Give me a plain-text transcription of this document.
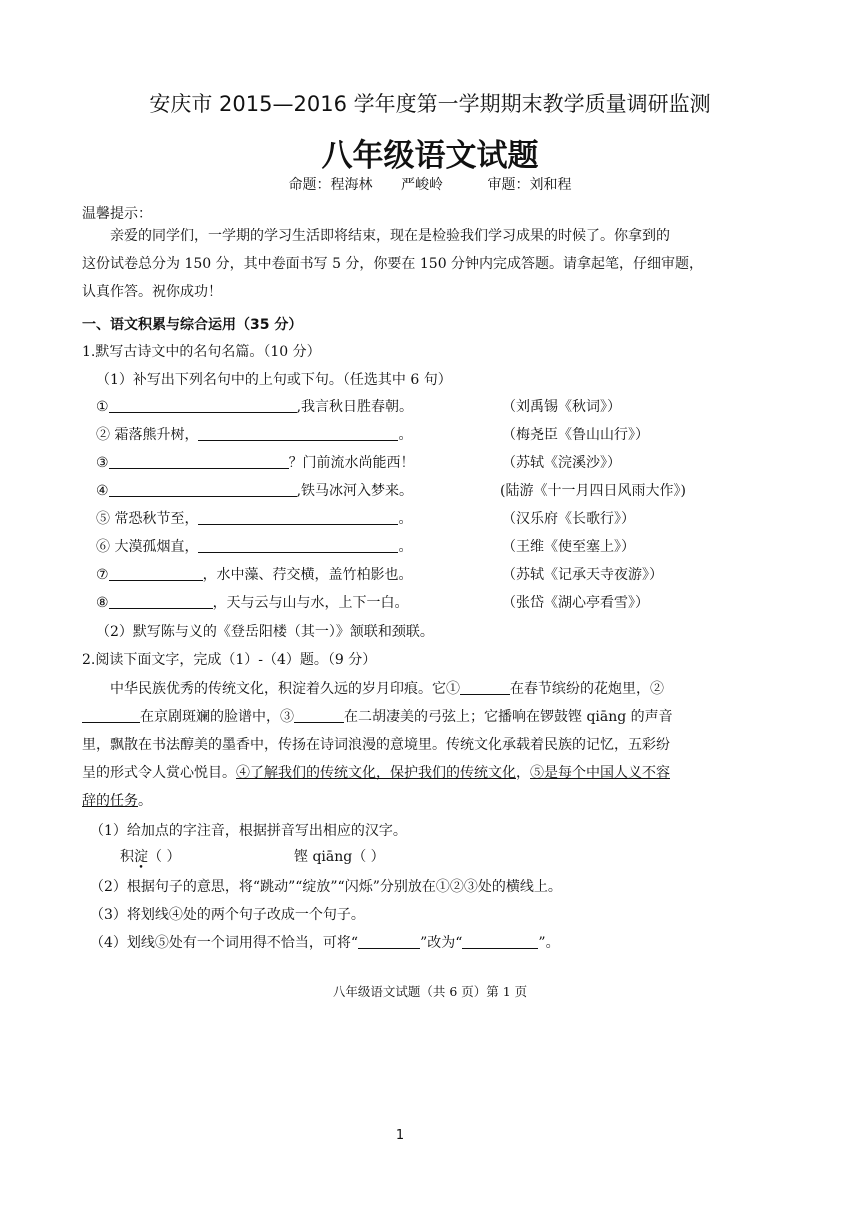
安庆市 2015—2016 学年度第一学期期末教学质量调研监测
八年级语文试题
命题：程海林 严峻岭	审题：刘和程
温馨提示：

亲爱的同学们，一学期的学习生活即将结束，现在是检验我们学习成果的时候了。你拿到的

这份试卷总分为 150 分，其中卷面书写 5 分，你要在 150 分钟内完成答题。请拿起笔，仔细审题，

认真作答。祝你成功！

一、语文积累与综合运用（35 分）
1.默写古诗文中的名句名篇。（10 分）
（1）补写出下列名句中的上句或下句。（任选其中 6 句）
①	,我言秋日胜春朝。	（刘禹锡《秋词》）
② 霜落熊升树，	。	（梅尧臣《鲁山山行》）
③	？门前流水尚能西！	（苏轼《浣溪沙》）
④	,铁马冰河入梦来。	(陆游《十一月四日风雨大作》)
⑤ 常恐秋节至，	。	（汉乐府《长歌行》）
⑥ 大漠孤烟直，	。	（王维《使至塞上》）
⑦	，水中藻、荇交横，盖竹柏影也。	（苏轼《记承天寺夜游》）
⑧	，天与云与山与水，上下一白。	（张岱《湖心亭看雪》）
（2）默写陈与义的《登岳阳楼（其一）》颔联和颈联。
2.阅读下面文字，完成（1）-（4）题。（9 分）

中华民族优秀的传统文化，积淀着久远的岁月印痕。它①	在春节缤纷的花炮里，②

在京剧斑斓的脸谱中，③	在二胡凄美的弓弦上；它播响在锣鼓铿 qiāng 的声音

里，飘散在书法醇美的墨香中，传扬在诗词浪漫的意境里。传统文化承载着民族的记忆，五彩纷

呈的形式令人赏心悦目。④了解我们的传统文化，保护我们的传统文化，⑤是每个中国人义不容

辞的任务。

（1）给加点的字注音，根据拼音写出相应的汉字。
积淀（ ）	铿 qiāng（ ）
（2）根据句子的意思，将“跳动”“绽放”“闪烁”分别放在①②③处的横线上。
（3）将划线④处的两个句子改成一个句子。
（4）划线⑤处有一个词用得不恰当，可将“	”改为“	”。
八年级语文试题（共 6 页）第 1 页
1
